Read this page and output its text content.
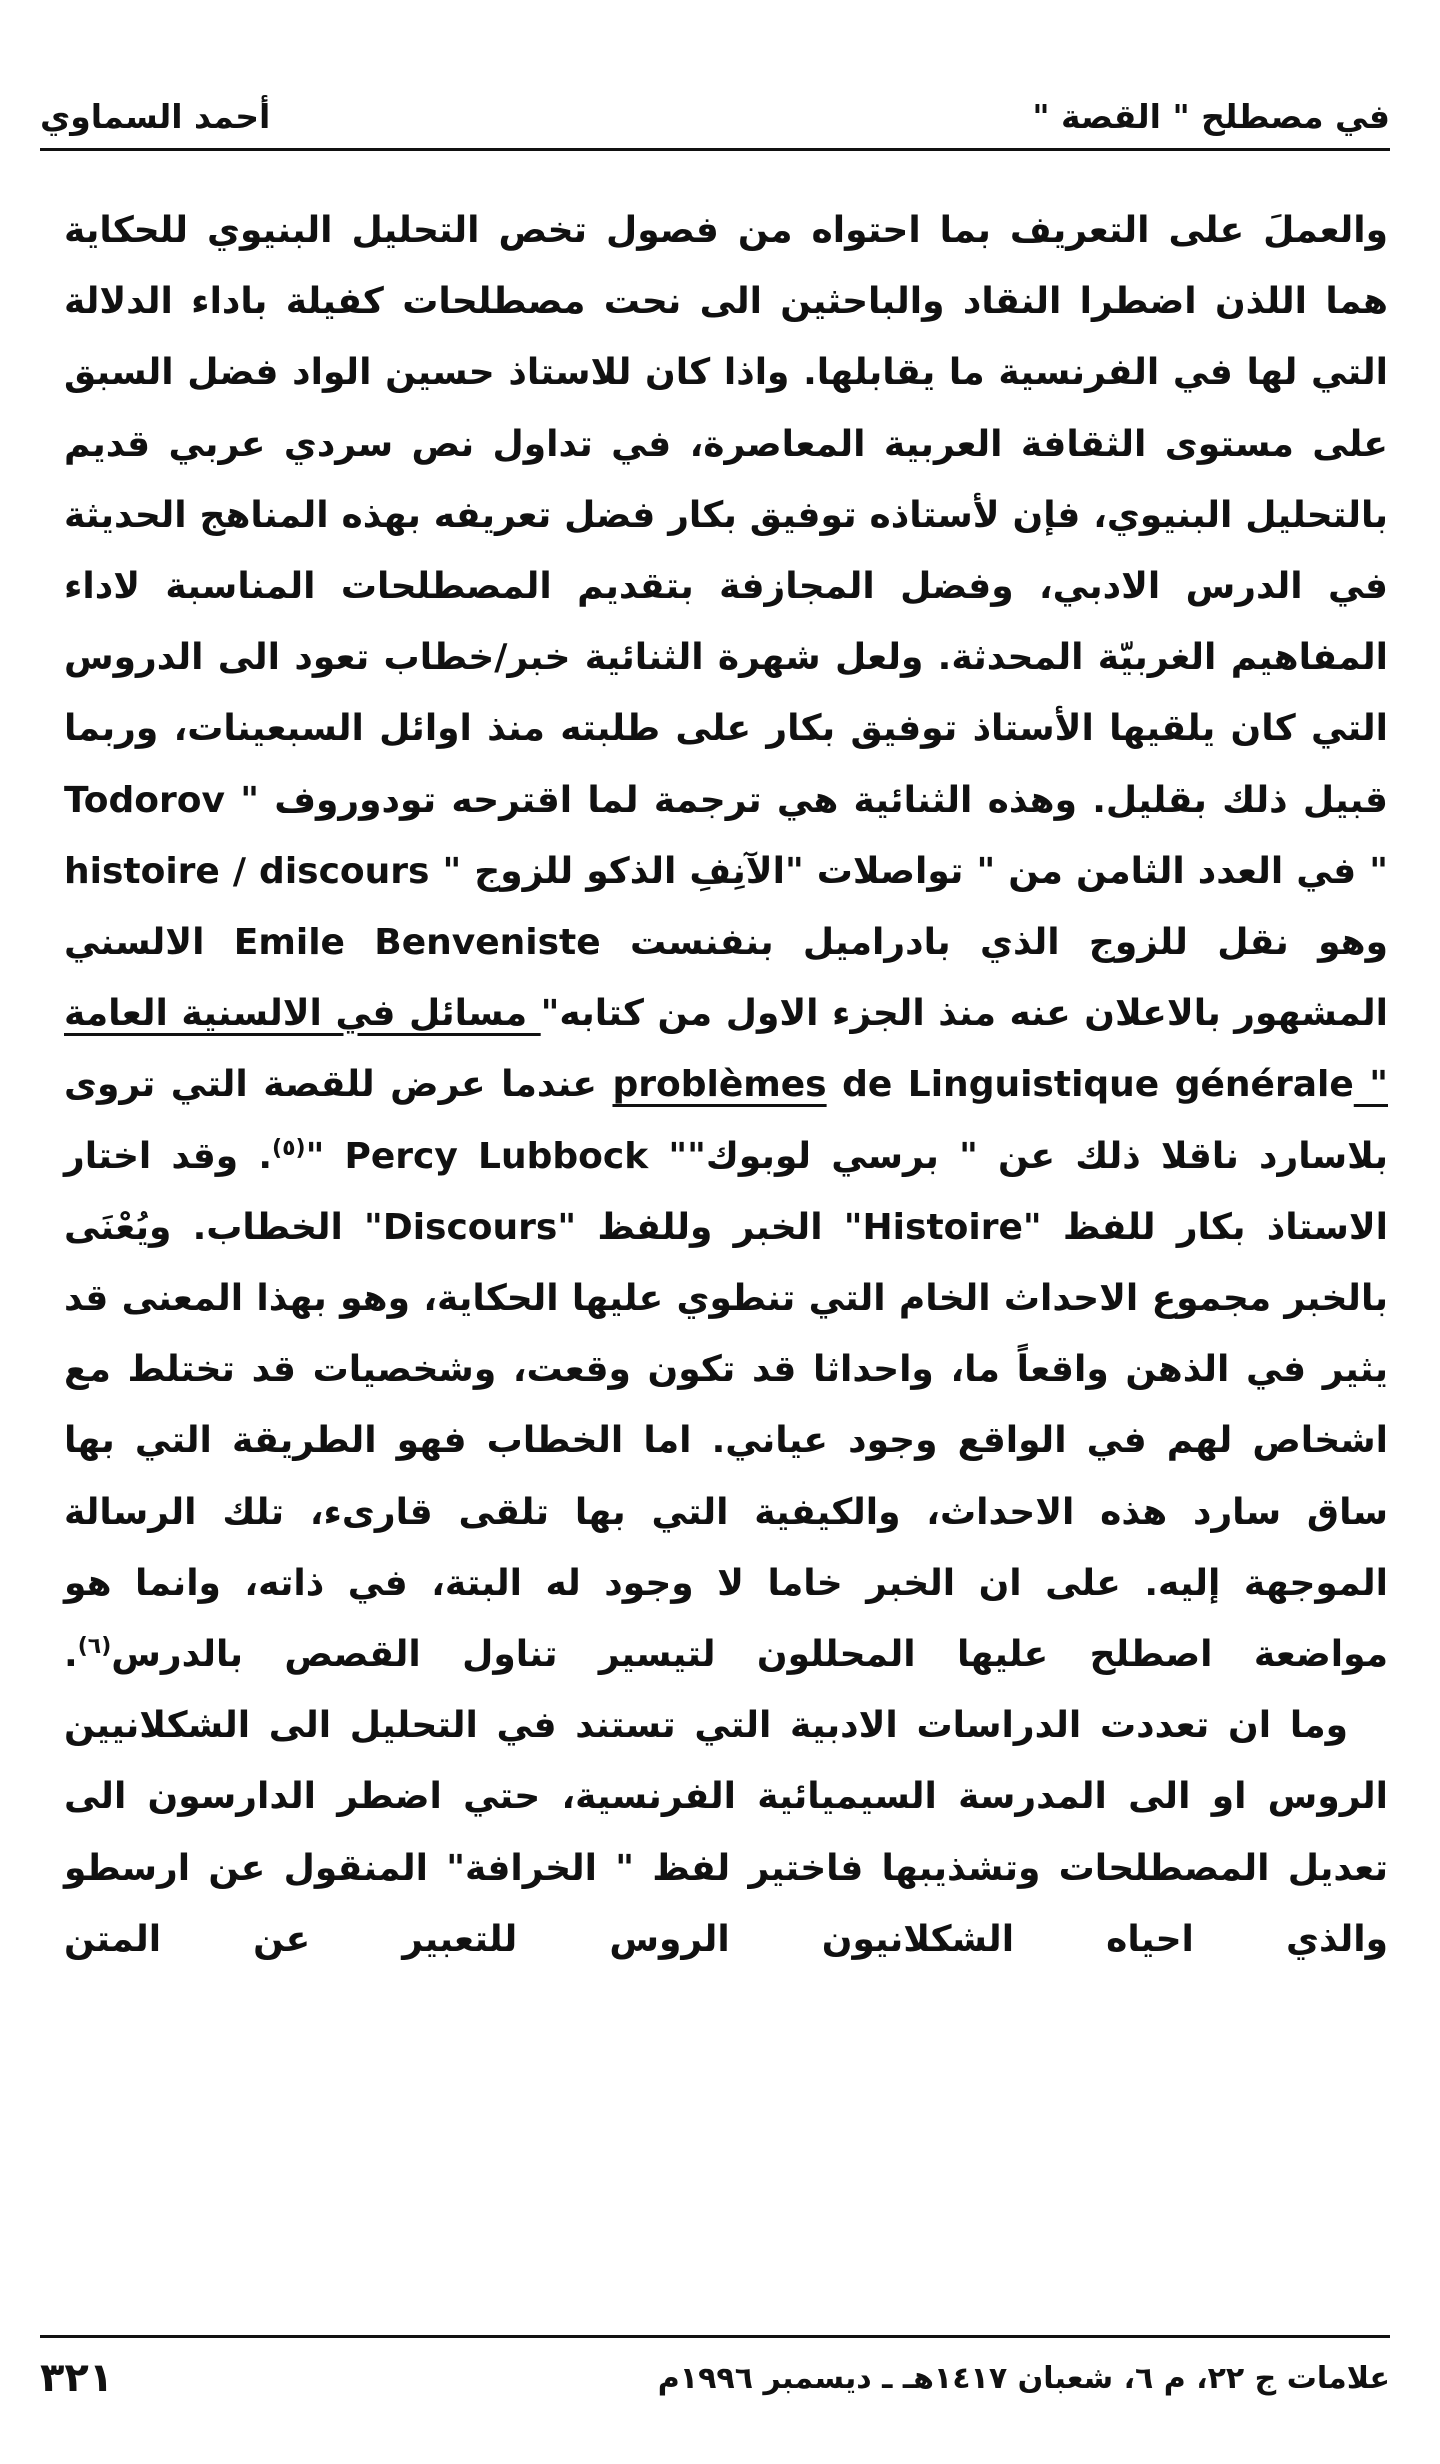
في مصطلح " القصة "
أحمد السماوي

والعملَ على التعريف بما احتواه من فصول تخص التحليل البنيوي للحكاية هما اللذن اضطرا النقاد والباحثين الى نحت مصطلحات كفيلة باداء الدلالة التي لها في الفرنسية ما يقابلها. واذا كان للاستاذ حسين الواد فضل السبق على مستوى الثقافة العربية المعاصرة، في تداول نص سردي عربي قديم بالتحليل البنيوي، فإن لأستاذه توفيق بكار فضل تعريفه بهذه المناهج الحديثة في الدرس الادبي، وفضل المجازفة بتقديم المصطلحات المناسبة لاداء المفاهيم الغربيّة المحدثة. ولعل شهرة الثنائية خبر/خطاب تعود الى الدروس التي كان يلقيها الأستاذ توفيق بكار على طلبته منذ اوائل السبعينات، وربما قبيل ذلك بقليل. وهذه الثنائية هي ترجمة لما اقترحه تودوروف " Todorov " في العدد الثامن من " تواصلات "الآنِفِ الذكو للزوج " histoire / discours وهو نقل للزوج الذي بادراميل بنفنست Emile Benveniste الالسني المشهور بالاعلان عنه منذ الجزء الاول من كتابه" مسائل في الالسنية العامة " problèmes de Linguistique générale عندما عرض للقصة التي تروى بلاسارد ناقلا ذلك عن " برسي لوبوك"" Percy Lubbock "$^{(٥)}$. وقد اختار الاستاذ بكار للفظ "Histoire" الخبر وللفظ "Discours" الخطاب. ويُعْنَى بالخبر مجموع الاحداث الخام التي تنطوي عليها الحكاية، وهو بهذا المعنى قد يثير في الذهن واقعاً ما، واحداثا قد تكون وقعت، وشخصيات قد تختلط مع اشخاص لهم في الواقع وجود عياني. اما الخطاب فهو الطريقة التي بها ساق سارد هذه الاحداث، والكيفية التي بها تلقى قارىء، تلك الرسالة الموجهة إليه. على ان الخبر خاما لا وجود له البتة، في ذاته، وانما هو مواضعة اصطلح عليها المحللون لتيسير تناول القصص بالدرس$^{(٦)}$.

وما ان تعددت الدراسات الادبية التي تستند في التحليل الى الشكلانيين الروس او الى المدرسة السيميائية الفرنسية، حتي اضطر الدارسون الى تعديل المصطلحات وتشذيبها فاختير لفظ " الخرافة" المنقول عن ارسطو والذي احياه الشكلانيون الروس للتعبير عن المتن

علامات ج ٢٢، م ٦، شعبان ١٤١٧هـ ـ ديسمبر ١٩٩٦م
٣٢١
